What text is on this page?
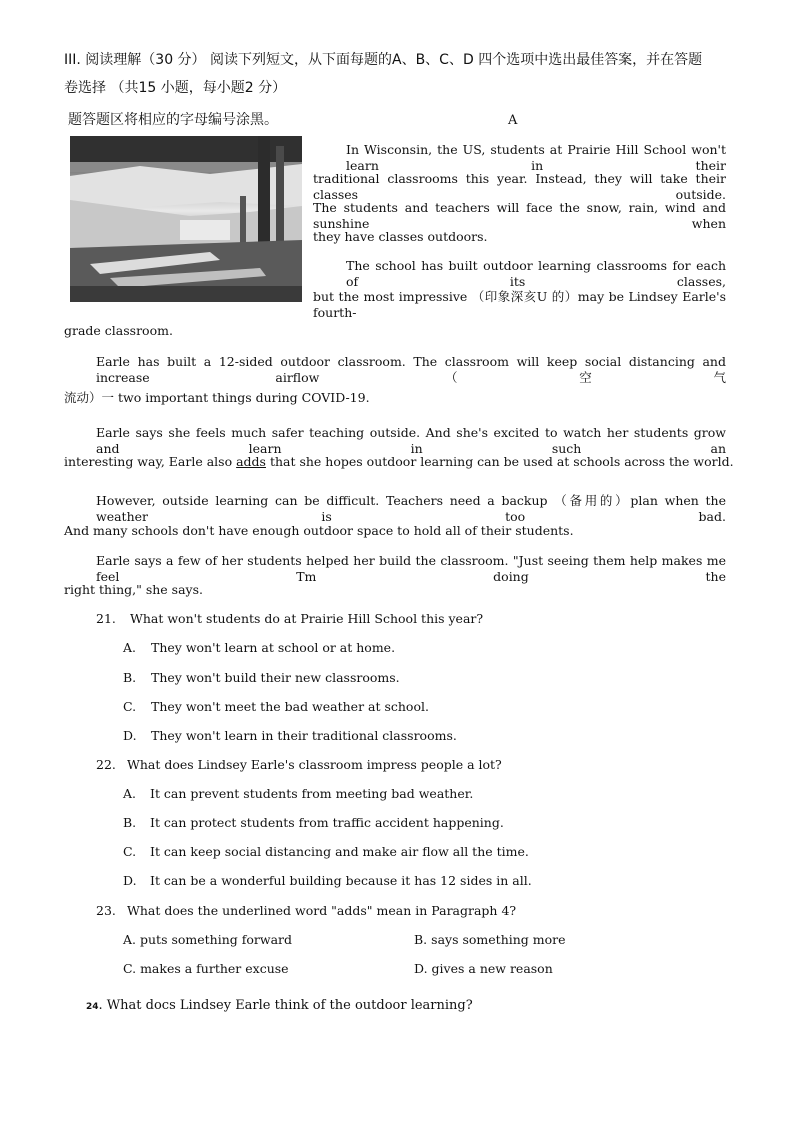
III. 阅读理解（30 分） 阅读下列短文，从下面每题的A、B、C、D 四个选项中选出最佳答案，并在答题
卷选择 （共15 小题，每小题2 分）
题答题区将相应的字母编号涂黑。	A
In Wisconsin, the US, students at Prairie Hill School won't learn in their
traditional classrooms this year. Instead, they will take their classes outside.
The students and teachers will face the snow, rain, wind and sunshine when
they have classes outdoors.
The school has built outdoor learning classrooms for each of its classes,
but the most impressive （印象深亥U 的）may be Lindsey Earle's fourth-
grade classroom.
Earle has built a 12-sided outdoor classroom. The classroom will keep social distancing and increase airflow （空气
流动）一 two important things during COVID-19.
Earle says she feels much safer teaching outside. And she's excited to watch her students grow and learn in such an
interesting way, Earle also adds that she hopes outdoor learning can be used at schools across the world.
However, outside learning can be difficult. Teachers need a backup （备用的）plan when the weather is too bad.
And many schools don't have enough outdoor space to hold all of their students.
Earle says a few of her students helped her build the classroom. "Just seeing them help makes me feel Tm doing the
right thing," she says.
21. What won't students do at Prairie Hill School this year?
A. They won't learn at school or at home.
B. They won't build their new classrooms.
C. They won't meet the bad weather at school.
D. They won't learn in their traditional classrooms.
22. What does Lindsey Earle's classroom impress people a lot?
A. It can prevent students from meeting bad weather.
B. It can protect students from traffic accident happening.
C. It can keep social distancing and make air flow all the time.
D. It can be a wonderful building because it has 12 sides in all.
23. What does the underlined word "adds" mean in Paragraph 4?
A. puts something forward	B. says something more
C. makes a further excuse	D. gives a new reason
24. What docs Lindsey Earle think of the outdoor learning?
